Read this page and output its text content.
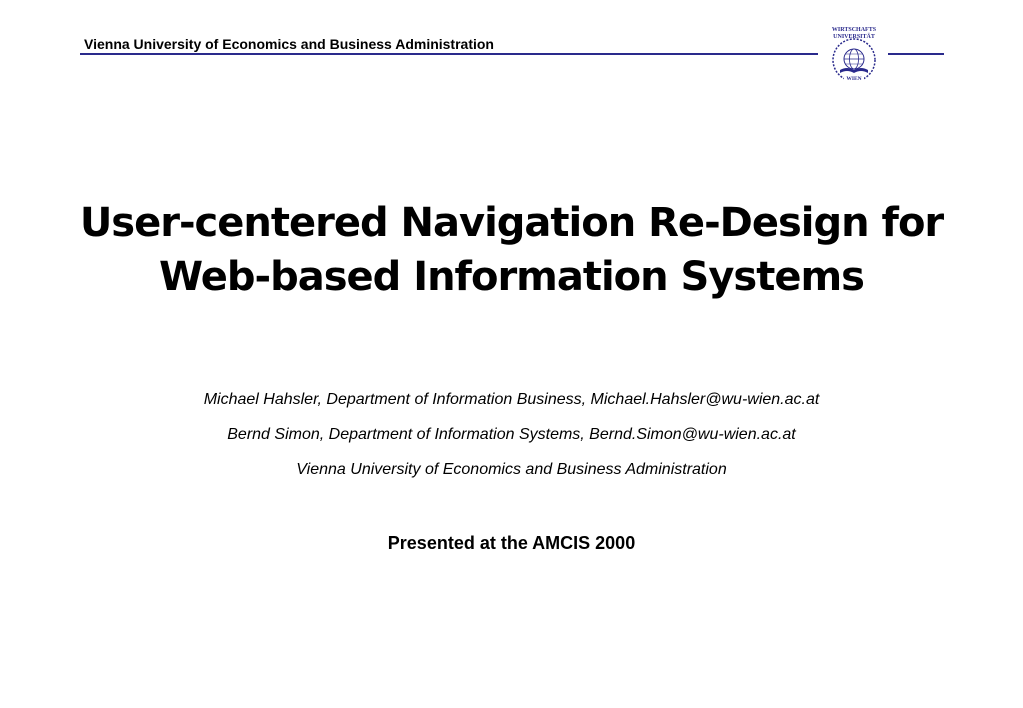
Vienna University of Economics and Business Administration
WIRTSCHAFTS
UNIVERSITÄT
WIEN
User-centered Navigation Re-Design for
Web-based Information Systems
Michael Hahsler, Department of Information Business, Michael.Hahsler@wu-wien.ac.at
Bernd Simon, Department of Information Systems, Bernd.Simon@wu-wien.ac.at
Vienna University of Economics and Business Administration
Presented at the AMCIS 2000
